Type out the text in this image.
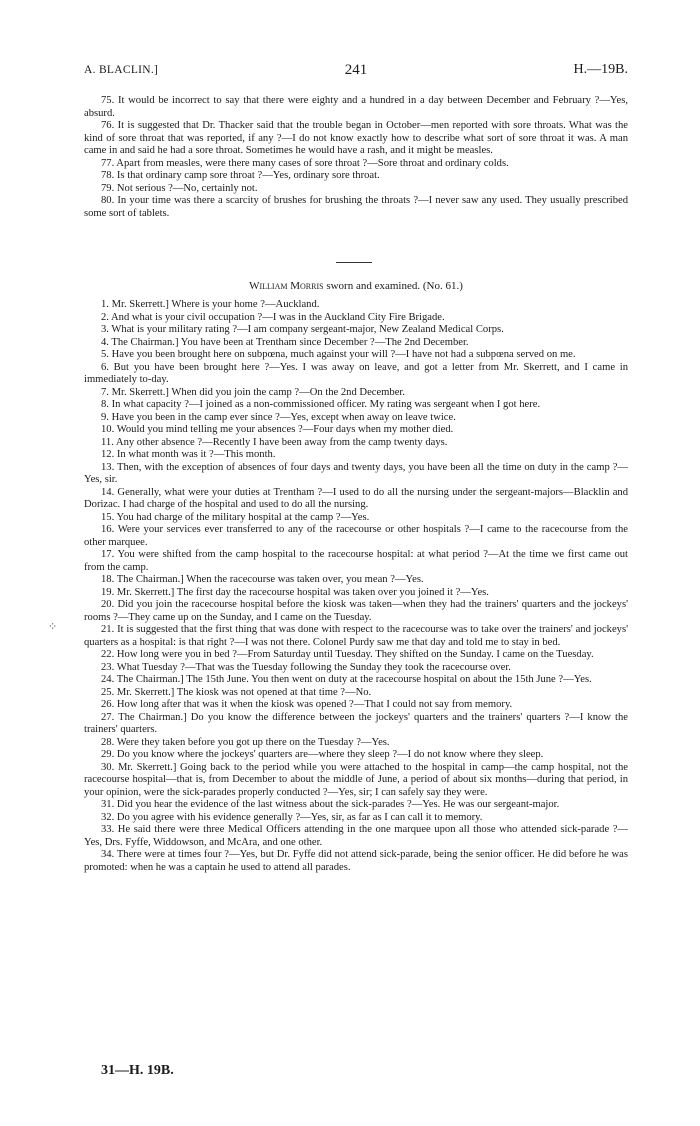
A. BLACLIN.]	241	H.—19B.

75. It would be incorrect to say that there were eighty and a hundred in a day between December and February ?—Yes, absurd.

76. It is suggested that Dr. Thacker said that the trouble began in October—men reported with sore throats. What was the kind of sore throat that was reported, if any ?—I do not know exactly how to describe what sort of sore throat it was. A man came in and said he had a sore throat. Sometimes he would have a rash, and it might be measles.

77. Apart from measles, were there many cases of sore throat ?—Sore throat and ordinary colds.

78. Is that ordinary camp sore throat ?—Yes, ordinary sore throat.

79. Not serious ?—No, certainly not.

80. In your time was there a scarcity of brushes for brushing the throats ?—I never saw any used. They usually prescribed some sort of tablets.

William Morris sworn and examined. (No. 61.)

1. Mr. Skerrett.] Where is your home ?—Auckland.

2. And what is your civil occupation ?—I was in the Auckland City Fire Brigade.

3. What is your military rating ?—I am company sergeant-major, New Zealand Medical Corps.

4. The Chairman.] You have been at Trentham since December ?—The 2nd December.

5. Have you been brought here on subpœna, much against your will ?—I have not had a subpœna served on me.

6. But you have been brought here ?—Yes. I was away on leave, and got a letter from Mr. Skerrett, and I came in immediately to-day.

7. Mr. Skerrett.] When did you join the camp ?—On the 2nd December.

8. In what capacity ?—I joined as a non-commissioned officer. My rating was sergeant when I got here.

9. Have you been in the camp ever since ?—Yes, except when away on leave twice.

10. Would you mind telling me your absences ?—Four days when my mother died.

11. Any other absence ?—Recently I have been away from the camp twenty days.

12. In what month was it ?—This month.

13. Then, with the exception of absences of four days and twenty days, you have been all the time on duty in the camp ?—Yes, sir.

14. Generally, what were your duties at Trentham ?—I used to do all the nursing under the sergeant-majors—Blacklin and Dorizac. I had charge of the hospital and used to do all the nursing.

15. You had charge of the military hospital at the camp ?—Yes.

16. Were your services ever transferred to any of the racecourse or other hospitals ?—I came to the racecourse from the other marquee.

17. You were shifted from the camp hospital to the racecourse hospital: at what period ?—At the time we first came out from the camp.

18. The Chairman.] When the racecourse was taken over, you mean ?—Yes.

19. Mr. Skerrett.] The first day the racecourse hospital was taken over you joined it ?—Yes.

20. Did you join the racecourse hospital before the kiosk was taken—when they had the trainers' quarters and the jockeys' rooms ?—They came up on the Sunday, and I came on the Tuesday.

21. It is suggested that the first thing that was done with respect to the racecourse was to take over the trainers' and jockeys' quarters as a hospital: is that right ?—I was not there. Colonel Purdy saw me that day and told me to stay in bed.

22. How long were you in bed ?—From Saturday until Tuesday. They shifted on the Sunday. I came on the Tuesday.

23. What Tuesday ?—That was the Tuesday following the Sunday they took the racecourse over.

24. The Chairman.] The 15th June. You then went on duty at the racecourse hospital on about the 15th June ?—Yes.

25. Mr. Skerrett.] The kiosk was not opened at that time ?—No.

26. How long after that was it when the kiosk was opened ?—That I could not say from memory.

27. The Chairman.] Do you know the difference between the jockeys' quarters and the trainers' quarters ?—I know the trainers' quarters.

28. Were they taken before you got up there on the Tuesday ?—Yes.

29. Do you know where the jockeys' quarters are—where they sleep ?—I do not know where they sleep.

30. Mr. Skerrett.] Going back to the period while you were attached to the hospital in camp—the camp hospital, not the racecourse hospital—that is, from December to about the middle of June, a period of about six months—during that period, in your opinion, were the sick-parades properly conducted ?—Yes, sir; I can safely say they were.

31. Did you hear the evidence of the last witness about the sick-parades ?—Yes. He was our sergeant-major.

32. Do you agree with his evidence generally ?—Yes, sir, as far as I can call it to memory.

33. He said there were three Medical Officers attending in the one marquee upon all those who attended sick-parade ?—Yes, Drs. Fyffe, Widdowson, and McAra, and one other.

34. There were at times four ?—Yes, but Dr. Fyffe did not attend sick-parade, being the senior officer. He did before he was promoted: when he was a captain he used to attend all parades.

⁘
31—H. 19B.
